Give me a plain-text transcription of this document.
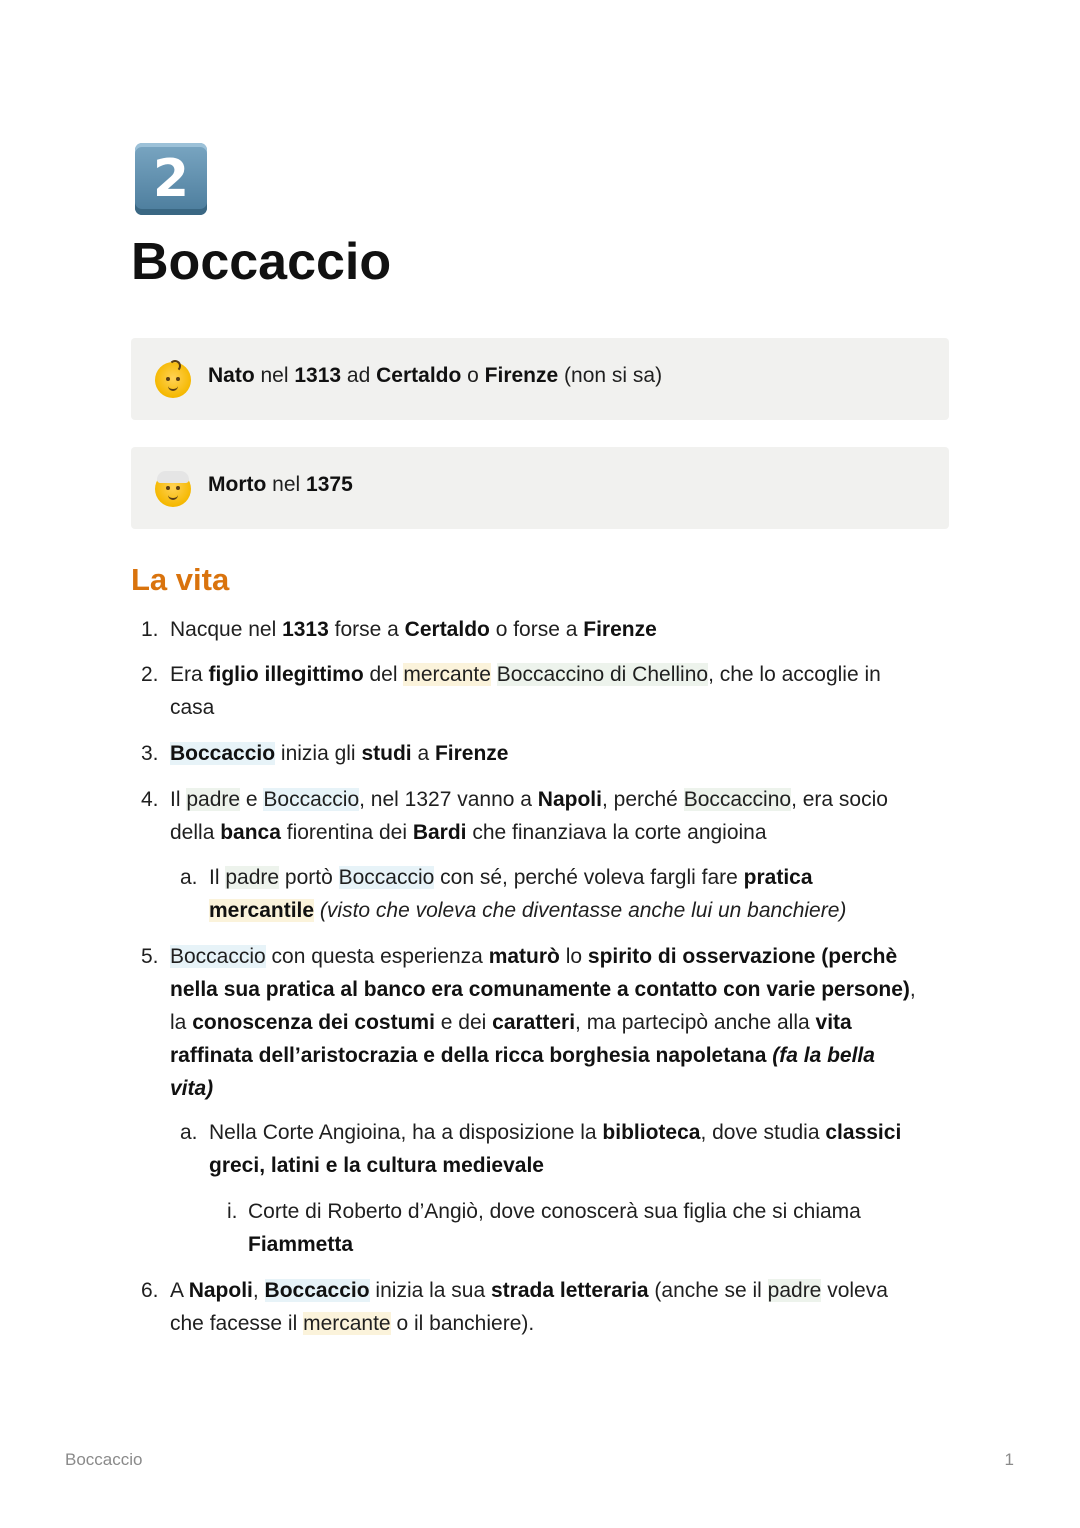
2
Boccaccio
Nato nel 1313 ad Certaldo o Firenze (non si sa)
Morto nel 1375
La vita
1. Nacque nel 1313 forse a Certaldo o forse a Firenze
2. Era figlio illegittimo del mercante Boccaccino di Chellino, che lo accoglie in
casa
3. Boccaccio inizia gli studi a Firenze
4. Il padre e Boccaccio, nel 1327 vanno a Napoli, perché Boccaccino, era socio
della banca fiorentina dei Bardi che finanziava la corte angioina
a. Il padre portò Boccaccio con sé, perché voleva fargli fare pratica
mercantile (visto che voleva che diventasse anche lui un banchiere)
5. Boccaccio con questa esperienza maturò lo spirito di osservazione (perchè
nella sua pratica al banco era comunamente a contatto con varie persone),
la conoscenza dei costumi e dei caratteri, ma partecipò anche alla vita
raffinata dell’aristocrazia e della ricca borghesia napoletana (fa la bella
vita)
a. Nella Corte Angioina, ha a disposizione la biblioteca, dove studia classici
greci, latini e la cultura medievale
i. Corte di Roberto d’Angiò, dove conoscerà sua figlia che si chiama
Fiammetta
6. A Napoli, Boccaccio inizia la sua strada letteraria (anche se il padre voleva
che facesse il mercante o il banchiere).
Boccaccio	1
